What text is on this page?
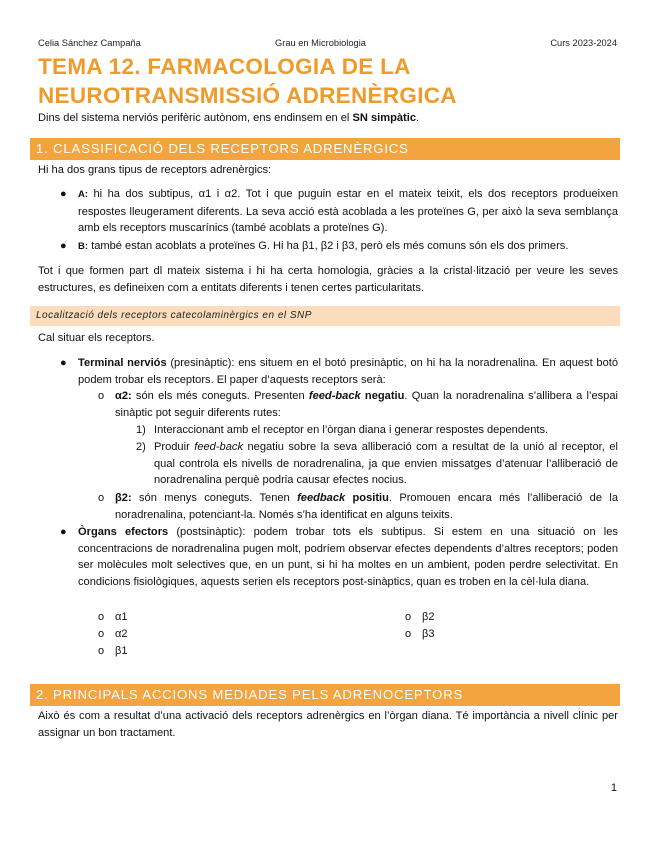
Celia Sánchez Campaña	Grau en Microbiologia	Curs 2023-2024
TEMA 12. FARMACOLOGIA DE LA NEUROTRANSMISSIÓ ADRENÈRGICA
Dins del sistema nerviós perifèric autònom, ens endinsem en el SN simpàtic.
1. CLASSIFICACIÓ DELS RECEPTORS ADRENÈRGICS
Hi ha dos grans tipus de receptors adrenèrgics:
● A: hi ha dos subtipus, α1 i α2. Tot i que puguin estar en el mateix teixit, els dos receptors produeixen respostes lleugerament diferents. La seva acció està acoblada a les proteïnes G, per això la seva semblança amb els receptors muscarínics (també acoblats a proteïnes G).
● B: també estan acoblats a proteïnes G. Hi ha β1, β2 i β3, però els més comuns són els dos primers.
Tot i que formen part dl mateix sistema i hi ha certa homologia, gràcies a la cristal·lització per veure les seves estructures, es defineixen com a entitats diferents i tenen certes particularitats.
Localització dels receptors catecolaminèrgics en el SNP
Cal situar els receptors.
● Terminal nerviós (presinàptic): ens situem en el botó presinàptic, on hi ha la noradrenalina. En aquest botó podem trobar els receptors. El paper d’aquests receptors serà:
o α2: són els més coneguts. Presenten feed-back negatiu. Quan la noradrenalina s’allibera a l’espai sinàptic pot seguir diferents rutes:
1) Interaccionant amb el receptor en l’òrgan diana i generar respostes dependents.
2) Produir feed-back negatiu sobre la seva alliberació com a resultat de la unió al receptor, el qual controla els nivells de noradrenalina, ja que envien missatges d’atenuar l’alliberació de noradrenalina perquè podria causar efectes nocius.
o β2: són menys coneguts. Tenen feedback positiu. Promouen encara més l’alliberació de la noradrenalina, potenciant-la. Només s’ha identificat en alguns teixits.
● Òrgans efectors (postsinàptic): podem trobar tots els subtipus. Si estem en una situació on les concentracions de noradrenalina pugen molt, podríem observar efectes dependents d’altres receptors; poden ser molècules molt selectives que, en un punt, si hi ha moltes en un ambient, poden perdre selectivitat. En condicions fisiològiques, aquests serien els receptors post-sinàptics, quan es troben en la cèl·lula diana.
o α1
o α2
o β1
o β2
o β3
2. PRINCIPALS ACCIONS MEDIADES PELS ADRENOCEPTORS
Això és com a resultat d’una activació dels receptors adrenèrgics en l’òrgan diana. Té importància a nivell clínic per assignar un bon tractament.
1
